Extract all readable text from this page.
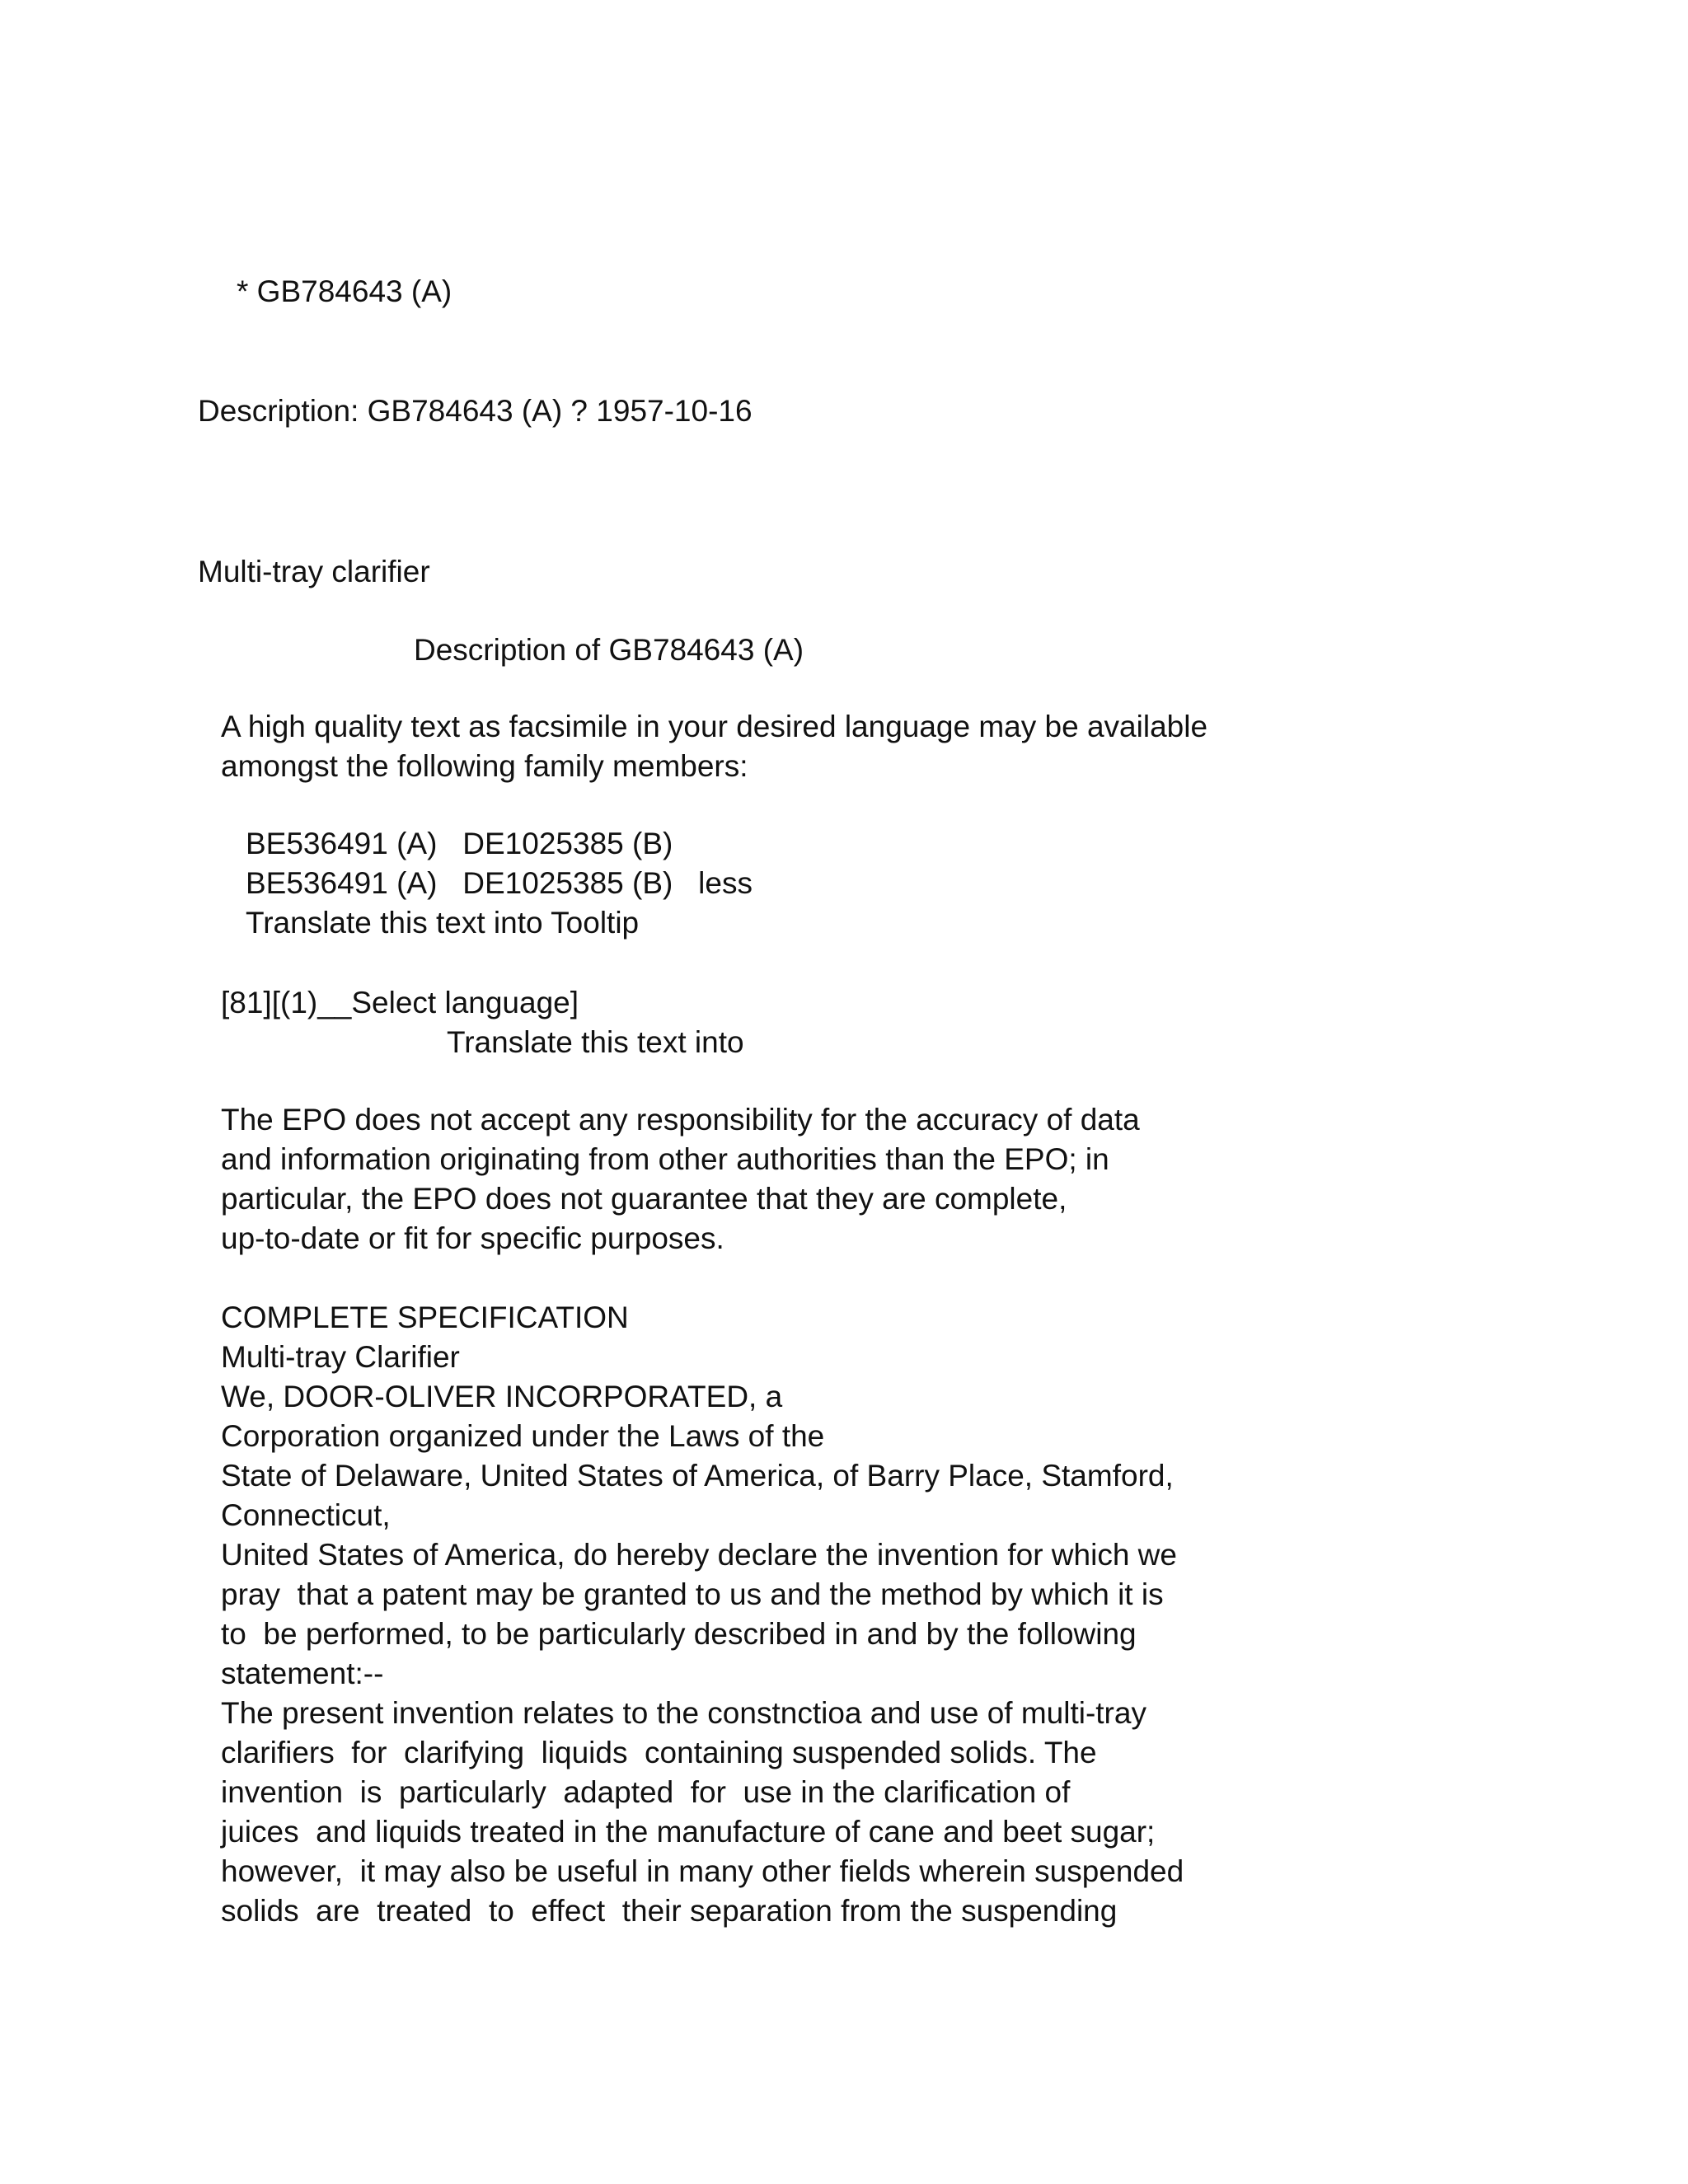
* GB784643 (A)

Description: GB784643 (A) ? 1957-10-16

Multi-tray clarifier

Description of GB784643 (A)

A high quality text as facsimile in your desired language may be available
amongst the following family members:
BE536491 (A) DE1025385 (B)
BE536491 (A) DE1025385 (B) less
Translate this text into Tooltip
[81][(1)__Select language]
Translate this text into
The EPO does not accept any responsibility for the accuracy of data
and information originating from other authorities than the EPO; in
particular, the EPO does not guarantee that they are complete,
up-to-date or fit for specific purposes.
COMPLETE SPECIFICATION
Multi-tray Clarifier
We, DOOR-OLIVER INCORPORATED, a
Corporation organized under the Laws of the
State of Delaware, United States of America, of Barry Place, Stamford,
Connecticut,
United States of America, do hereby declare the invention for which we
pray  that a patent may be granted to us and the method by which it is
to  be performed, to be particularly described in and by the following
statement:--
The present invention relates to the constnctioa and use of multi-tray
clarifiers  for  clarifying  liquids  containing suspended solids. The
invention  is  particularly  adapted  for  use in the clarification of
juices  and liquids treated in the manufacture of cane and beet sugar;
however,  it may also be useful in many other fields wherein suspended
solids  are  treated  to  effect  their separation from the suspending
